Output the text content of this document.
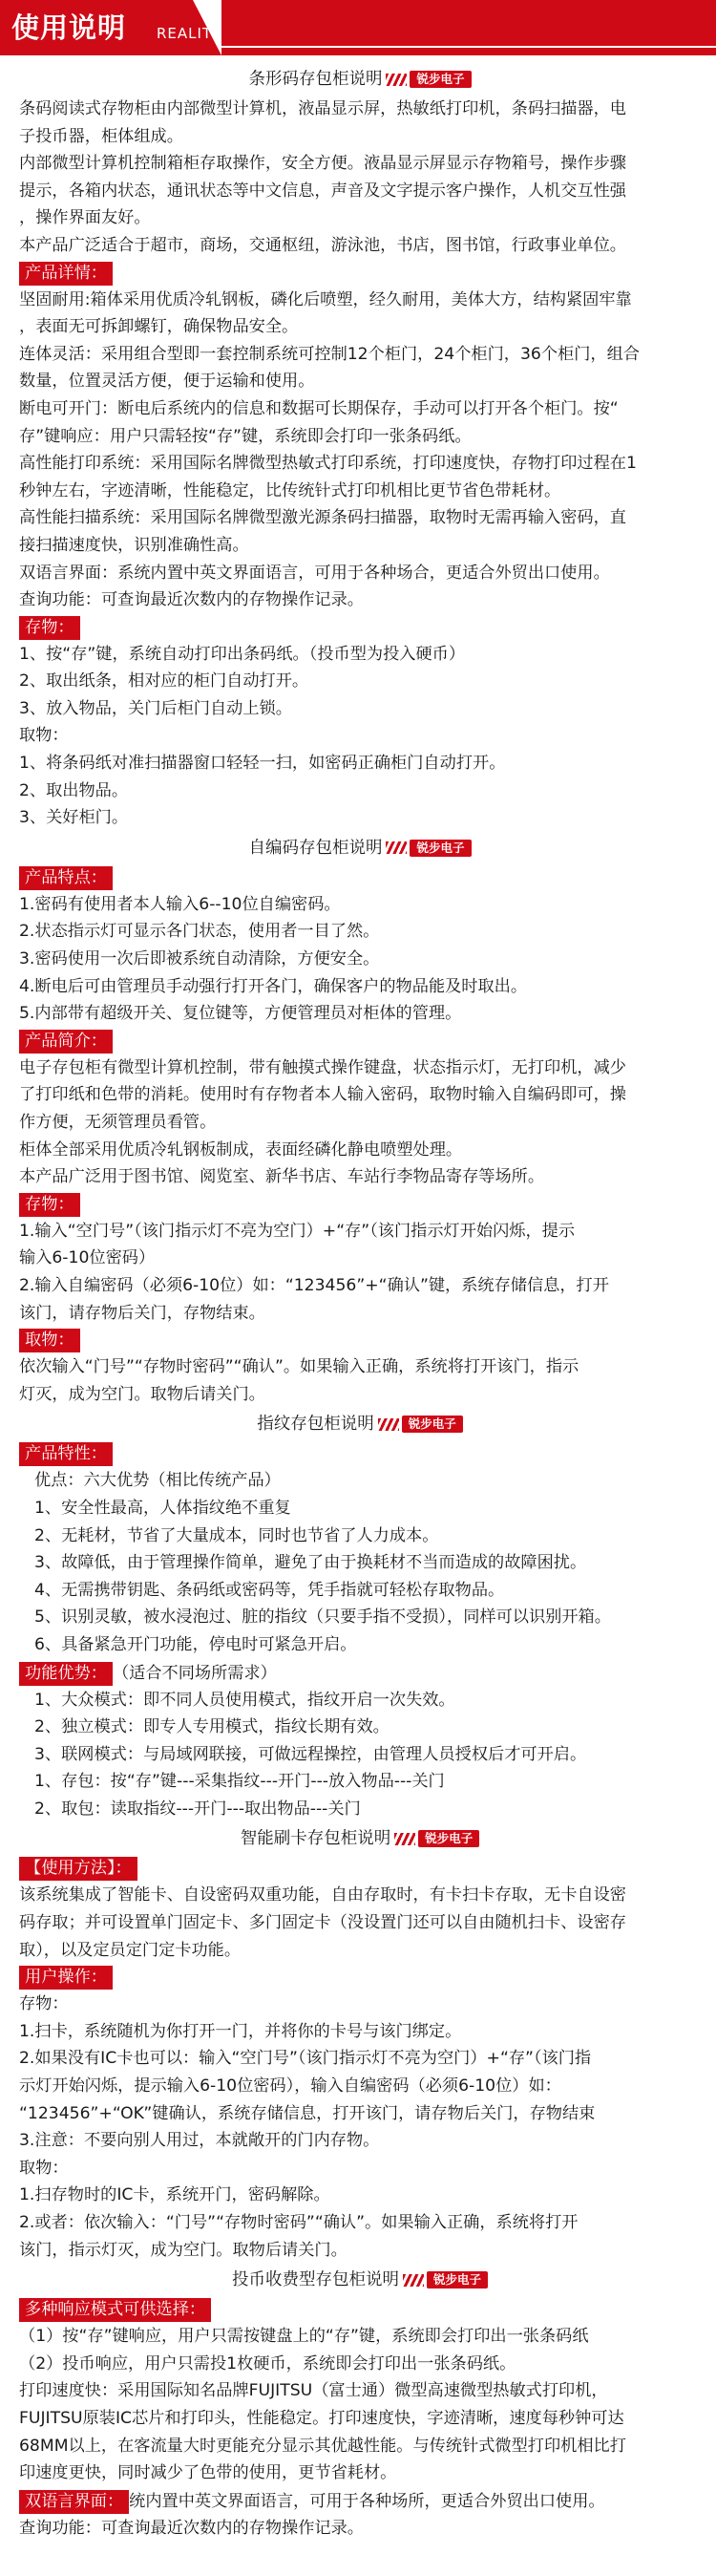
使用说明 REALITY
条形码存包柜说明	锐步电子
条码阅读式存物柜由内部微型计算机，液晶显示屏，热敏纸打印机，条码扫描器，电
子投币器，柜体组成。
内部微型计算机控制箱柜存取操作，安全方便。液晶显示屏显示存物箱号，操作步骤
提示，各箱内状态，通讯状态等中文信息，声音及文字提示客户操作，人机交互性强
，操作界面友好。
本产品广泛适合于超市，商场，交通枢纽，游泳池，书店，图书馆，行政事业单位。
产品详情：
坚固耐用:箱体采用优质冷轧钢板，磷化后喷塑，经久耐用，美体大方，结构紧固牢靠
，表面无可拆卸螺钉，确保物品安全。
连体灵活：采用组合型即一套控制系统可控制12个柜门，24个柜门，36个柜门，组合
数量，位置灵活方便，便于运输和使用。
断电可开门：断电后系统内的信息和数据可长期保存，手动可以打开各个柜门。按“
存”键响应：用户只需轻按“存”键，系统即会打印一张条码纸。
高性能打印系统：采用国际名牌微型热敏式打印系统，打印速度快，存物打印过程在1
秒钟左右，字迹清晰，性能稳定，比传统针式打印机相比更节省色带耗材。
高性能扫描系统：采用国际名牌微型激光源条码扫描器，取物时无需再输入密码，直
接扫描速度快，识别准确性高。
双语言界面：系统内置中英文界面语言，可用于各种场合，更适合外贸出口使用。
查询功能：可查询最近次数内的存物操作记录。
存物：
1、按“存”键，系统自动打印出条码纸。（投币型为投入硬币）
2、取出纸条，相对应的柜门自动打开。
3、放入物品，关门后柜门自动上锁。
取物：
1、将条码纸对准扫描器窗口轻轻一扫，如密码正确柜门自动打开。
2、取出物品。
3、关好柜门。
自编码存包柜说明	锐步电子
产品特点：
1.密码有使用者本人输入6--10位自编密码。
2.状态指示灯可显示各门状态，使用者一目了然。
3.密码使用一次后即被系统自动清除，方便安全。
4.断电后可由管理员手动强行打开各门，确保客户的物品能及时取出。
5.内部带有超级开关、复位键等，方便管理员对柜体的管理。
产品简介：
电子存包柜有微型计算机控制，带有触摸式操作键盘，状态指示灯，无打印机，减少
了打印纸和色带的消耗。使用时有存物者本人输入密码，取物时输入自编码即可，操
作方便，无须管理员看管。
柜体全部采用优质冷轧钢板制成，表面经磷化静电喷塑处理。
本产品广泛用于图书馆、阅览室、新华书店、车站行李物品寄存等场所。
存物：
1.输入“空门号”（该门指示灯不亮为空门）+“存”（该门指示灯开始闪烁，提示
输入6-10位密码）
2.输入自编密码（必须6-10位）如：“123456”+“确认”键，系统存储信息，打开
该门，请存物后关门，存物结束。
取物：
依次输入“门号”“存物时密码”“确认”。如果输入正确，系统将打开该门，指示
灯灭，成为空门。取物后请关门。
指纹存包柜说明	锐步电子
产品特性：
优点：六大优势（相比传统产品）
1、安全性最高，人体指纹绝不重复
2、无耗材，节省了大量成本，同时也节省了人力成本。
3、故障低，由于管理操作简单，避免了由于换耗材不当而造成的故障困扰。
4、无需携带钥匙、条码纸或密码等，凭手指就可轻松存取物品。
5、识别灵敏，被水浸泡过、脏的指纹（只要手指不受损），同样可以识别开箱。
6、具备紧急开门功能，停电时可紧急开启。
功能优势： （适合不同场所需求）
1、大众模式：即不同人员使用模式，指纹开启一次失效。
2、独立模式：即专人专用模式，指纹长期有效。
3、联网模式：与局域网联接，可做远程操控，由管理人员授权后才可开启。
1、存包：按“存”键---采集指纹---开门---放入物品---关门
2、取包：读取指纹---开门---取出物品---关门
智能刷卡存包柜说明	锐步电子
【使用方法】：
该系统集成了智能卡、自设密码双重功能，自由存取时，有卡扫卡存取，无卡自设密
码存取；并可设置单门固定卡、多门固定卡（没设置门还可以自由随机扫卡、设密存
取），以及定员定门定卡功能。
用户操作：
存物：
1.扫卡，系统随机为你打开一门，并将你的卡号与该门绑定。
2.如果没有IC卡也可以：输入“空门号”（该门指示灯不亮为空门）+“存”（该门指
示灯开始闪烁，提示输入6-10位密码），输入自编密码（必须6-10位）如：
“123456”+“OK”键确认，系统存储信息，打开该门，请存物后关门，存物结束
3.注意：不要向别人用过，本就敞开的门内存物。
取物：
1.扫存物时的IC卡，系统开门，密码解除。
2.或者：依次输入：“门号”“存物时密码”“确认”。如果输入正确，系统将打开
该门，指示灯灭，成为空门。取物后请关门。
投币收费型存包柜说明	锐步电子
多种响应模式可供选择：
（1）按“存”键响应，用户只需按键盘上的“存”键，系统即会打印出一张条码纸
（2）投币响应，用户只需投1枚硬币，系统即会打印出一张条码纸。
打印速度快：采用国际知名品牌FUJITSU（富士通）微型高速微型热敏式打印机，
FUJITSU原装IC芯片和打印头，性能稳定。打印速度快，字迹清晰，速度每秒钟可达
68MM以上，在客流量大时更能充分显示其优越性能。与传统针式微型打印机相比打
印速度更快，同时减少了色带的使用，更节省耗材。
双语言界面： 统内置中英文界面语言，可用于各种场所，更适合外贸出口使用。
查询功能：可查询最近次数内的存物操作记录。
